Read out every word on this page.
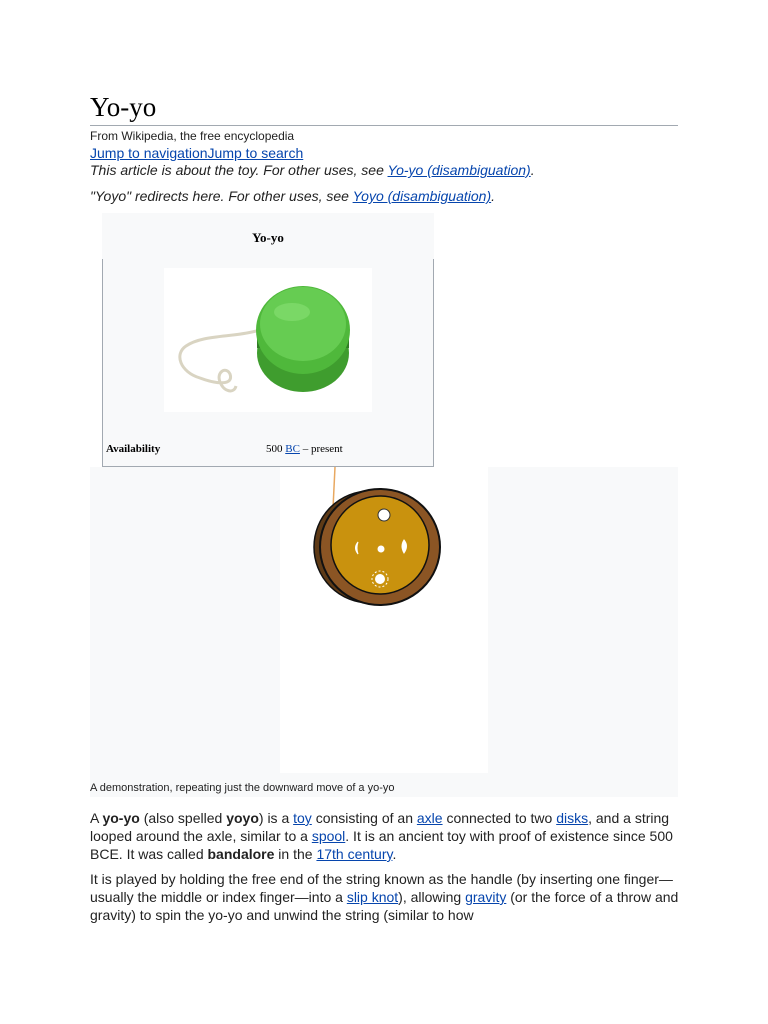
Yo-yo
From Wikipedia, the free encyclopedia
Jump to navigationJump to search
This article is about the toy. For other uses, see Yo-yo (disambiguation).
"Yoyo" redirects here. For other uses, see Yoyo (disambiguation).
Yo-yo
Availability	500 BC – present
A demonstration, repeating just the downward move of a yo-yo

A yo-yo (also spelled yoyo) is a toy consisting of an axle connected to two disks, and a string looped around the axle, similar to a spool. It is an ancient toy with proof of existence since 500 BCE. It was called bandalore in the 17th century.

It is played by holding the free end of the string known as the handle (by inserting one finger—usually the middle or index finger—into a slip knot), allowing gravity (or the force of a throw and gravity) to spin the yo-yo and unwind the string (similar to how
